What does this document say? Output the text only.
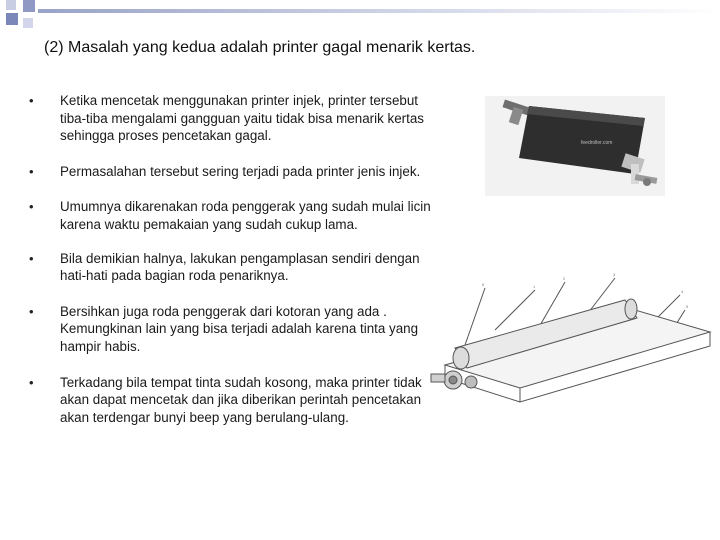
(2) Masalah yang kedua adalah printer gagal menarik kertas.
• Ketika mencetak menggunakan printer injek, printer tersebut tiba-tiba mengalami gangguan yaitu tidak bisa menarik kertas sehingga proses pencetakan gagal.
• Permasalahan tersebut sering terjadi pada printer jenis injek.
• Umumnya dikarenakan roda penggerak yang sudah mulai licin karena waktu pemakaian yang sudah cukup lama.
• Bila demikian halnya, lakukan pengamplasan sendiri dengan hati-hati pada bagian roda penariknya.
• Bersihkan juga roda penggerak dari kotoran yang ada . Kemungkinan lain yang bisa terjadi adalah karena tinta yang hampir habis.
• Terkadang bila tempat tinta sudah kosong, maka printer tidak akan dapat mencetak dan jika diberikan perintah pencetakan akan terdengar bunyi beep yang berulang-ulang.
feedroller.com
1
2
3
4
5
6
